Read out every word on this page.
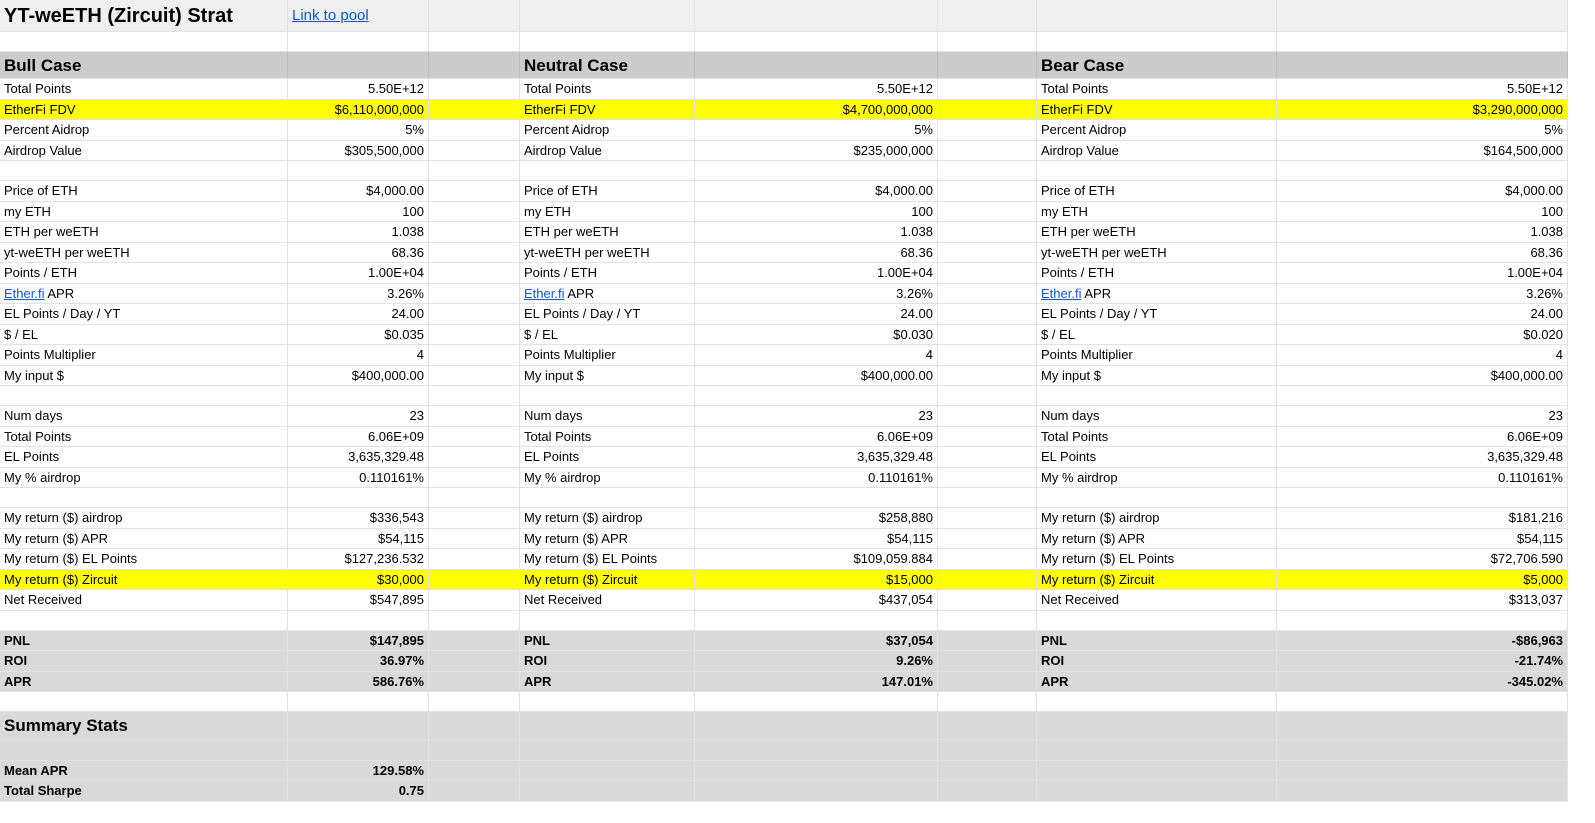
YT-weETH (Zircuit) Strat	Link to pool
Bull Case	Neutral Case	Bear Case
Total Points	5.50E+12	Total Points	5.50E+12	Total Points	5.50E+12
EtherFi FDV	$6,110,000,000	EtherFi FDV	$4,700,000,000	EtherFi FDV	$3,290,000,000
Percent Aidrop	5%	Percent Aidrop	5%	Percent Aidrop	5%
Airdrop Value	$305,500,000	Airdrop Value	$235,000,000	Airdrop Value	$164,500,000
Price of ETH	$4,000.00	Price of ETH	$4,000.00	Price of ETH	$4,000.00
my ETH	100	my ETH	100	my ETH	100
ETH per weETH	1.038	ETH per weETH	1.038	ETH per weETH	1.038
yt-weETH per weETH	68.36	yt-weETH per weETH	68.36	yt-weETH per weETH	68.36
Points / ETH	1.00E+04	Points / ETH	1.00E+04	Points / ETH	1.00E+04
Ether.fi APR	3.26%	Ether.fi APR	3.26%	Ether.fi APR	3.26%
EL Points / Day / YT	24.00	EL Points / Day / YT	24.00	EL Points / Day / YT	24.00
$ / EL	$0.035	$ / EL	$0.030	$ / EL	$0.020
Points Multiplier	4	Points Multiplier	4	Points Multiplier	4
My input $	$400,000.00	My input $	$400,000.00	My input $	$400,000.00
Num days	23	Num days	23	Num days	23
Total Points	6.06E+09	Total Points	6.06E+09	Total Points	6.06E+09
EL Points	3,635,329.48	EL Points	3,635,329.48	EL Points	3,635,329.48
My % airdrop	0.110161%	My % airdrop	0.110161%	My % airdrop	0.110161%
My return ($) airdrop	$336,543	My return ($) airdrop	$258,880	My return ($) airdrop	$181,216
My return ($) APR	$54,115	My return ($) APR	$54,115	My return ($) APR	$54,115
My return ($) EL Points	$127,236.532	My return ($) EL Points	$109,059.884	My return ($) EL Points	$72,706.590
My return ($) Zircuit	$30,000	My return ($) Zircuit	$15,000	My return ($) Zircuit	$5,000
Net Received	$547,895	Net Received	$437,054	Net Received	$313,037
PNL	$147,895	PNL	$37,054	PNL	-$86,963
ROI	36.97%	ROI	9.26%	ROI	-21.74%
APR	586.76%	APR	147.01%	APR	-345.02%
Summary Stats
Mean APR	129.58%
Total Sharpe	0.75
